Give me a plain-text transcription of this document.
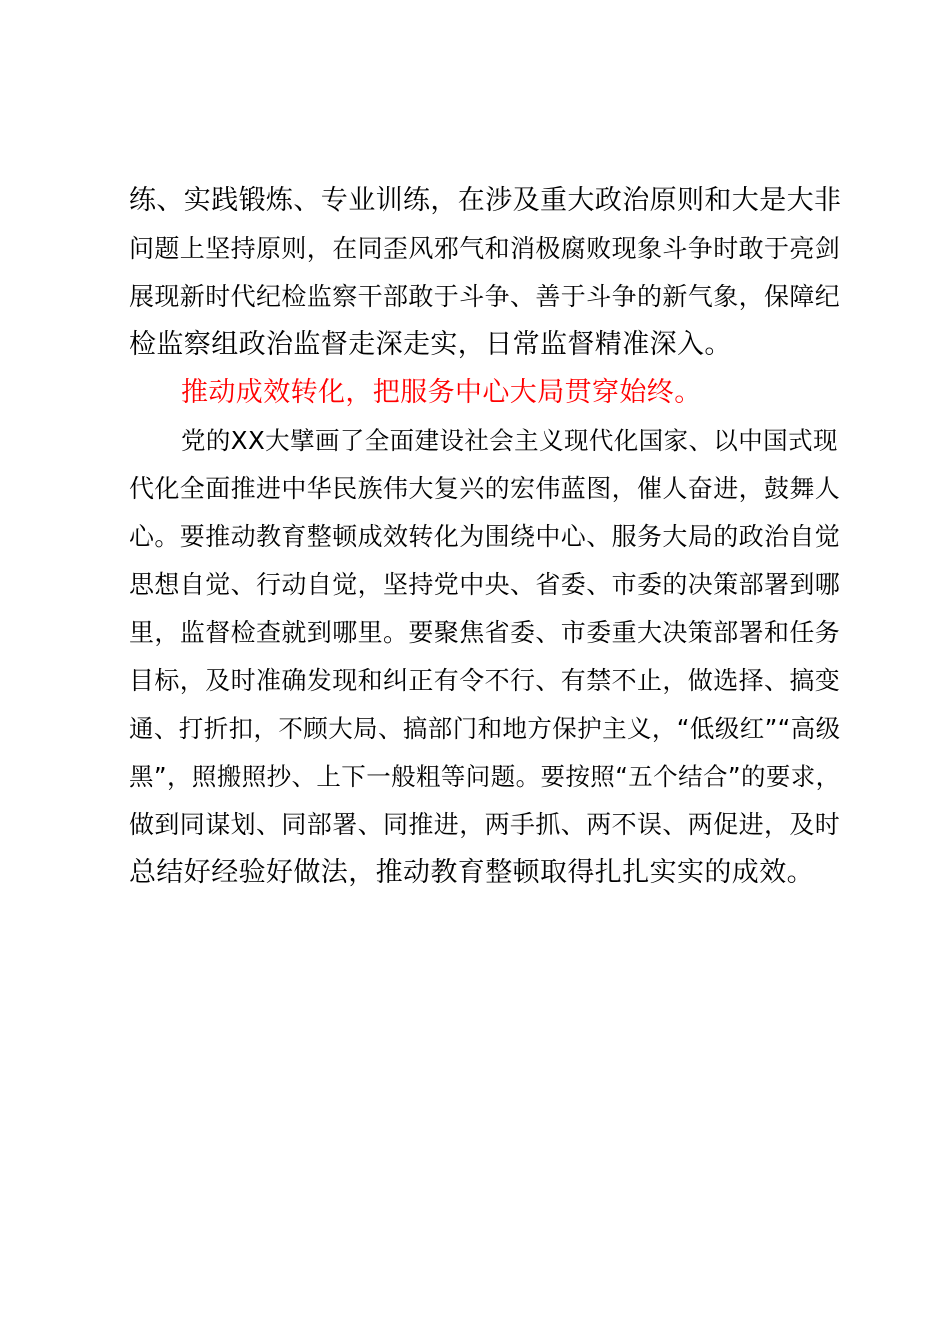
练、实践锻炼、专业训练，在涉及重大政治原则和大是大非
问题上坚持原则，在同歪风邪气和消极腐败现象斗争时敢于亮剑
展现新时代纪检监察干部敢于斗争、善于斗争的新气象，保障纪
检监察组政治监督走深走实，日常监督精准深入。
推动成效转化，把服务中心大局贯穿始终。
党的XX大擘画了全面建设社会主义现代化国家、以中国式现
代化全面推进中华民族伟大复兴的宏伟蓝图，催人奋进，鼓舞人
心。要推动教育整顿成效转化为围绕中心、服务大局的政治自觉
思想自觉、行动自觉，坚持党中央、省委、市委的决策部署到哪
里，监督检查就到哪里。要聚焦省委、市委重大决策部署和任务
目标，及时准确发现和纠正有令不行、有禁不止，做选择、搞变
通、打折扣，不顾大局、搞部门和地方保护主义，“低级红”“高级
黑”，照搬照抄、上下一般粗等问题。要按照“五个结合”的要求，
做到同谋划、同部署、同推进，两手抓、两不误、两促进，及时
总结好经验好做法，推动教育整顿取得扎扎实实的成效。
